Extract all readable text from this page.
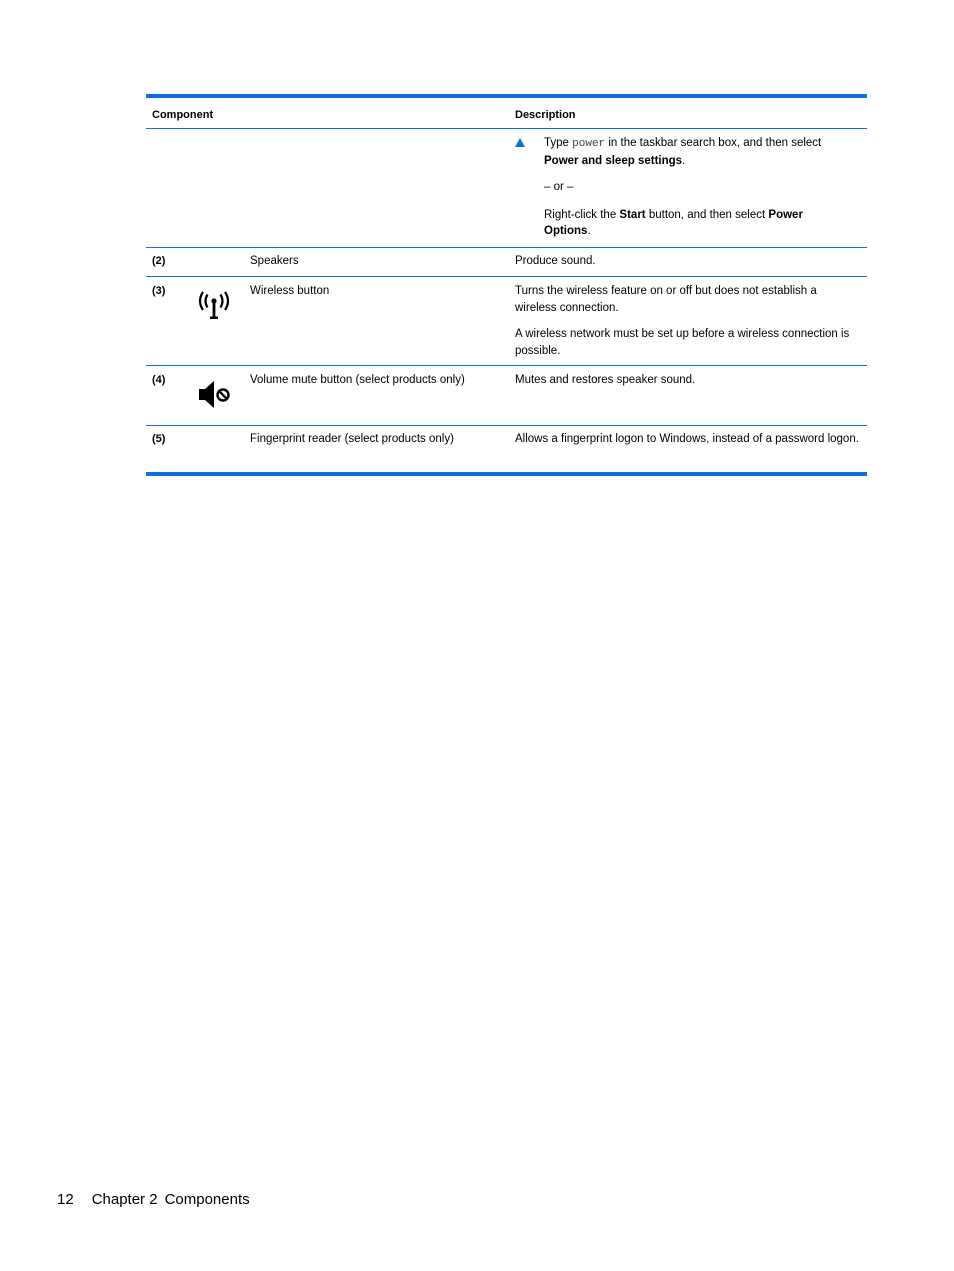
Component	Description

Type power in the taskbar search box, and then select Power and sleep settings.

– or –

Right-click the Start button, and then select Power Options.

(2)	Speakers	Produce sound.
(3)	Wireless button	Turns the wireless feature on or off but does not establish a wireless connection.

A wireless network must be set up before a wireless connection is possible.

(4)	Volume mute button (select products only)	Mutes and restores speaker sound.
(5)	Fingerprint reader (select products only)	Allows a fingerprint logon to Windows, instead of a password logon.
12 Chapter 2 Components
